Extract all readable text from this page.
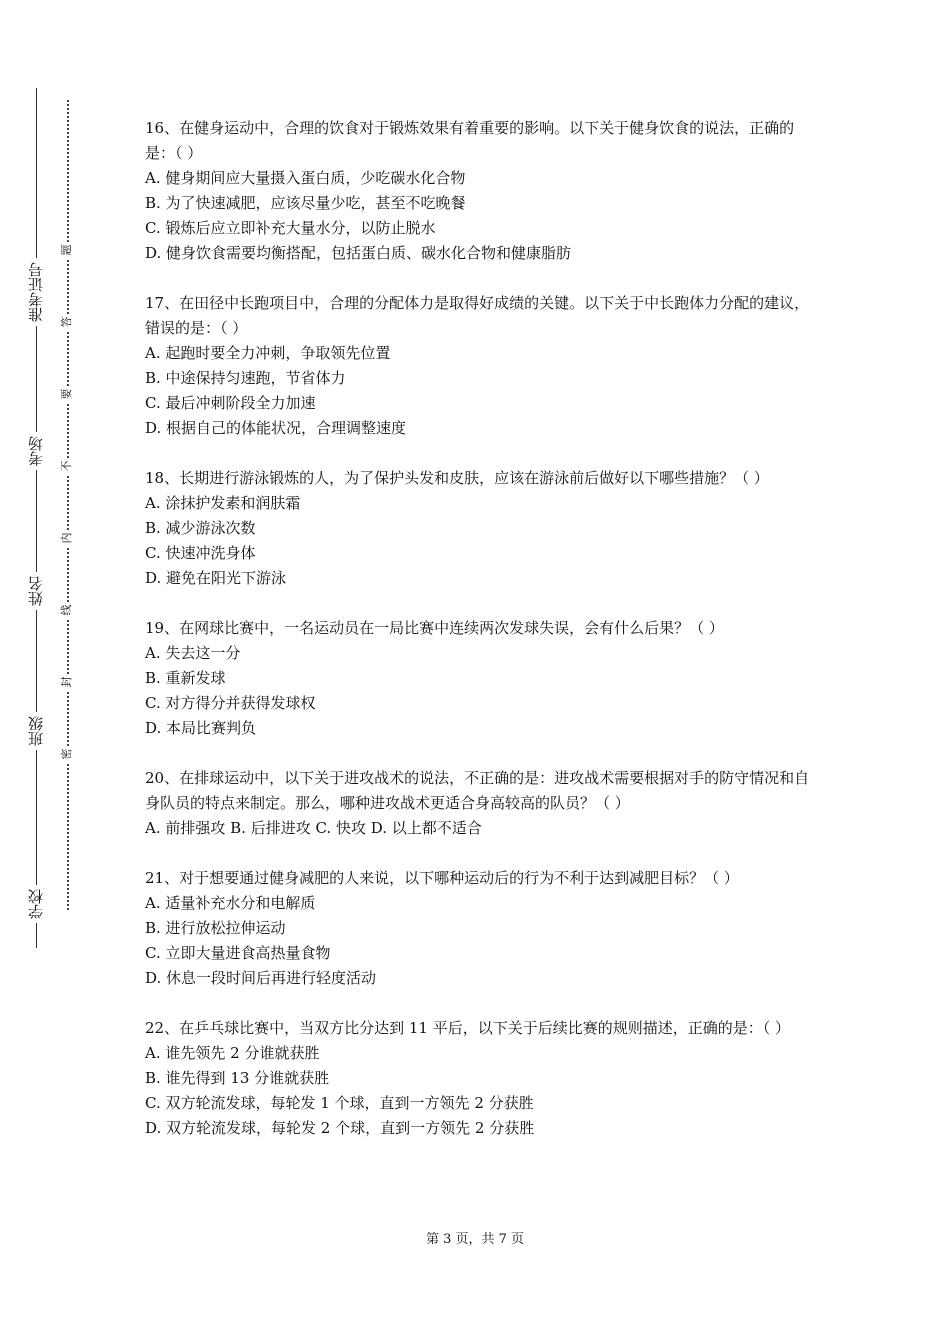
学校
班级
姓名
考场
准考证号
密
封
线
内
不
要
答
题

16、在健身运动中，合理的饮食对于锻炼效果有着重要的影响。以下关于健身饮食的说法，正确的是：（ ）

A. 健身期间应大量摄入蛋白质，少吃碳水化合物

B. 为了快速减肥，应该尽量少吃，甚至不吃晚餐

C. 锻炼后应立即补充大量水分，以防止脱水

D. 健身饮食需要均衡搭配，包括蛋白质、碳水化合物和健康脂肪

17、在田径中长跑项目中，合理的分配体力是取得好成绩的关键。以下关于中长跑体力分配的建议，错误的是：（ ）

A. 起跑时要全力冲刺，争取领先位置

B. 中途保持匀速跑，节省体力

C. 最后冲刺阶段全力加速

D. 根据自己的体能状况，合理调整速度

18、长期进行游泳锻炼的人，为了保护头发和皮肤，应该在游泳前后做好以下哪些措施？（ ）

A. 涂抹护发素和润肤霜

B. 减少游泳次数

C. 快速冲洗身体

D. 避免在阳光下游泳

19、在网球比赛中，一名运动员在一局比赛中连续两次发球失误，会有什么后果？（ ）

A. 失去这一分

B. 重新发球

C. 对方得分并获得发球权

D. 本局比赛判负

20、在排球运动中，以下关于进攻战术的说法，不正确的是：进攻战术需要根据对手的防守情况和自身队员的特点来制定。那么，哪种进攻战术更适合身高较高的队员？（ ）

A. 前排强攻 B. 后排进攻 C. 快攻 D. 以上都不适合

21、对于想要通过健身减肥的人来说，以下哪种运动后的行为不利于达到减肥目标？（ ）

A. 适量补充水分和电解质

B. 进行放松拉伸运动

C. 立即大量进食高热量食物

D. 休息一段时间后再进行轻度活动

22、在乒乓球比赛中，当双方比分达到 11 平后，以下关于后续比赛的规则描述，正确的是：（ ）

A. 谁先领先 2 分谁就获胜

B. 谁先得到 13 分谁就获胜

C. 双方轮流发球，每轮发 1 个球，直到一方领先 2 分获胜

D. 双方轮流发球，每轮发 2 个球，直到一方领先 2 分获胜

第 3 页，共 7 页
